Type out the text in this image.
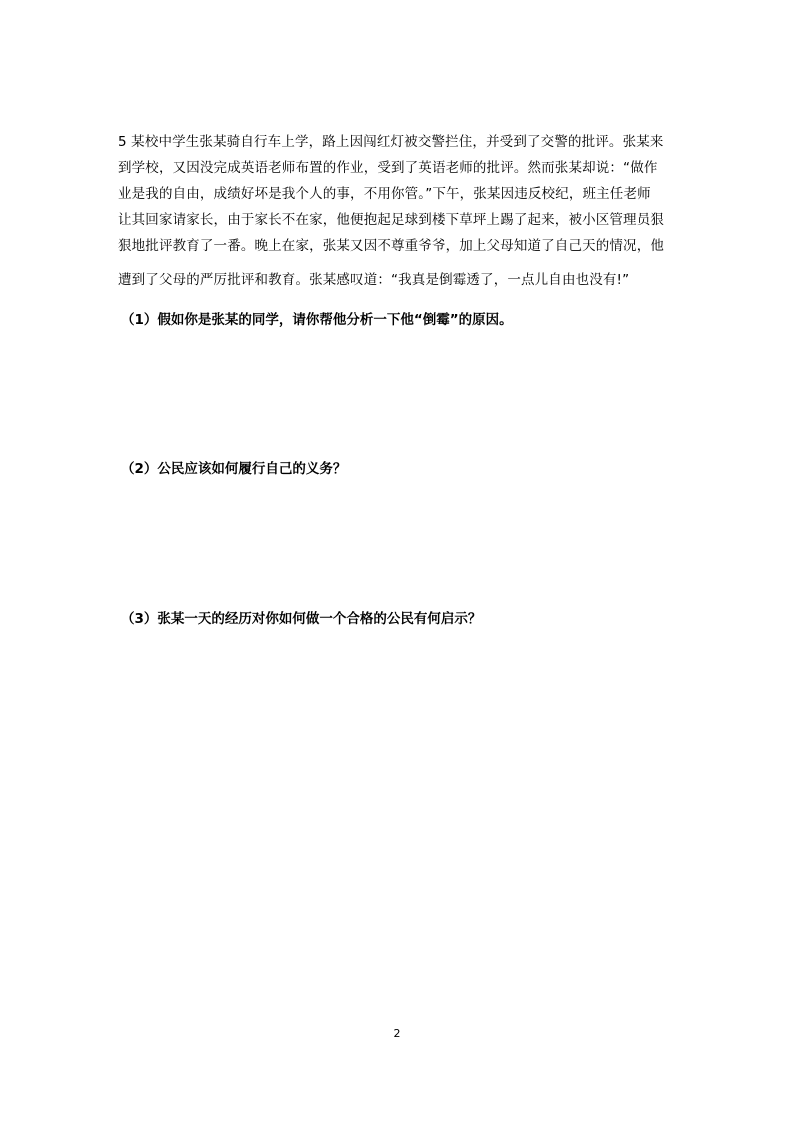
5 某校中学生张某骑自行车上学，路上因闯红灯被交警拦住，并受到了交警的批评。张某来
到学校，又因没完成英语老师布置的作业，受到了英语老师的批评。然而张某却说：“做作
业是我的自由，成绩好坏是我个人的事，不用你管。”下午，张某因违反校纪，班主任老师
让其回家请家长，由于家长不在家，他便抱起足球到楼下草坪上踢了起来，被小区管理员狠
狠地批评教育了一番。晚上在家，张某又因不尊重爷爷，加上父母知道了自己天的情况，他
遭到了父母的严厉批评和教育。张某感叹道：“我真是倒霉透了，一点儿自由也没有!”
（1）假如你是张某的同学，请你帮他分析一下他“倒霉”的原因。
（2）公民应该如何履行自己的义务？
（3）张某一天的经历对你如何做一个合格的公民有何启示？
2
